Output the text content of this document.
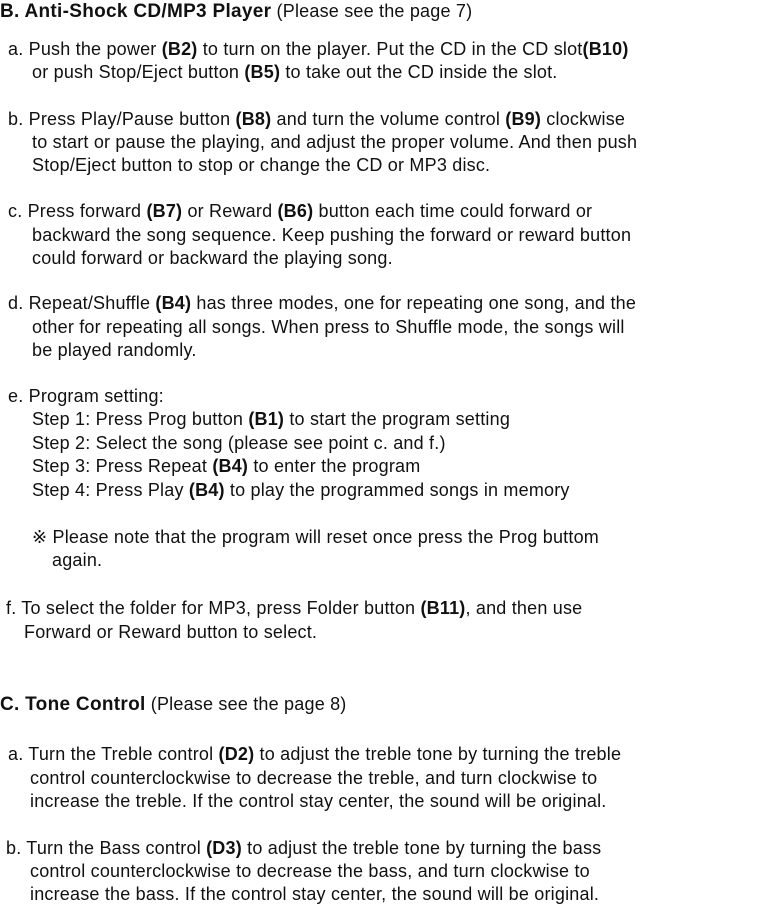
B. Anti-Shock CD/MP3 Player (Please see the page 7)
a. Push the power (B2) to turn on the player. Put the CD in the CD slot(B10)
or push Stop/Eject button (B5) to take out the CD inside the slot.
b. Press Play/Pause button (B8) and turn the volume control (B9) clockwise
to start or pause the playing, and adjust the proper volume. And then push
Stop/Eject button to stop or change the CD or MP3 disc.
c. Press forward (B7) or Reward (B6) button each time could forward or
backward the song sequence. Keep pushing the forward or reward button
could forward or backward the playing song.
d. Repeat/Shuffle (B4) has three modes, one for repeating one song, and the
other for repeating all songs. When press to Shuffle mode, the songs will
be played randomly.
e. Program setting:
Step 1: Press Prog button (B1) to start the program setting
Step 2: Select the song (please see point c. and f.)
Step 3: Press Repeat (B4) to enter the program
Step 4: Press Play (B4) to play the programmed songs in memory
※ Please note that the program will reset once press the Prog buttom
again.
f. To select the folder for MP3, press Folder button (B11), and then use
Forward or Reward button to select.
C. Tone Control (Please see the page 8)
a. Turn the Treble control (D2) to adjust the treble tone by turning the treble
control counterclockwise to decrease the treble, and turn clockwise to
increase the treble. If the control stay center, the sound will be original.
b. Turn the Bass control (D3) to adjust the treble tone by turning the bass
control counterclockwise to decrease the bass, and turn clockwise to
increase the bass. If the control stay center, the sound will be original.
